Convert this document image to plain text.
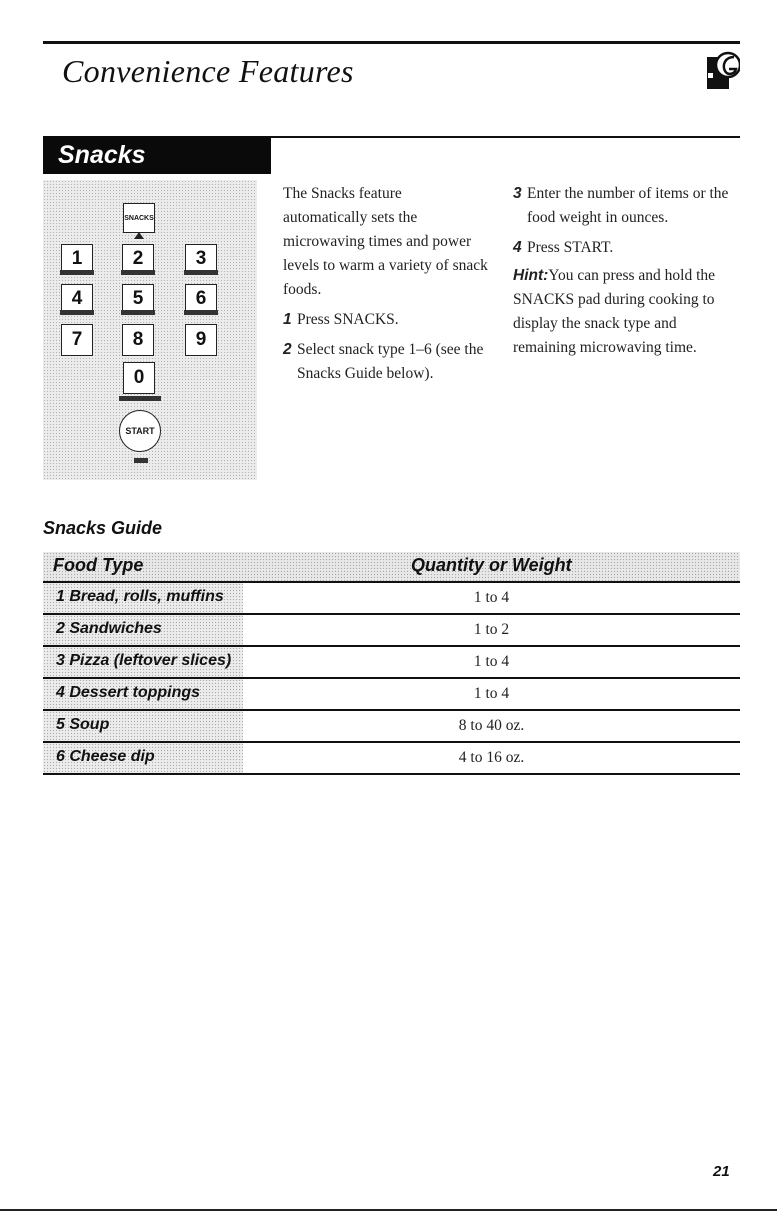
Convenience Features
Snacks
SNACKS
1	2	3
4	5	6
7	8	9
0
START

The Snacks feature automatically sets the microwaving times and power levels to warm a variety of snack foods.

1 Press SNACKS.
2 Select snack type 1–6 (see the Snacks Guide below).
3 Enter the number of items or the food weight in ounces.
4 Press START.

Hint:You can press and hold the SNACKS pad during cooking to display the snack type and remaining microwaving time.

Snacks Guide
Food Type	Quantity or Weight
1 Bread, rolls, muffins	1 to 4
2 Sandwiches	1 to 2
3 Pizza (leftover slices)	1 to 4
4 Dessert toppings	1 to 4
5 Soup	8 to 40 oz.
6 Cheese dip	4 to 16 oz.
21
